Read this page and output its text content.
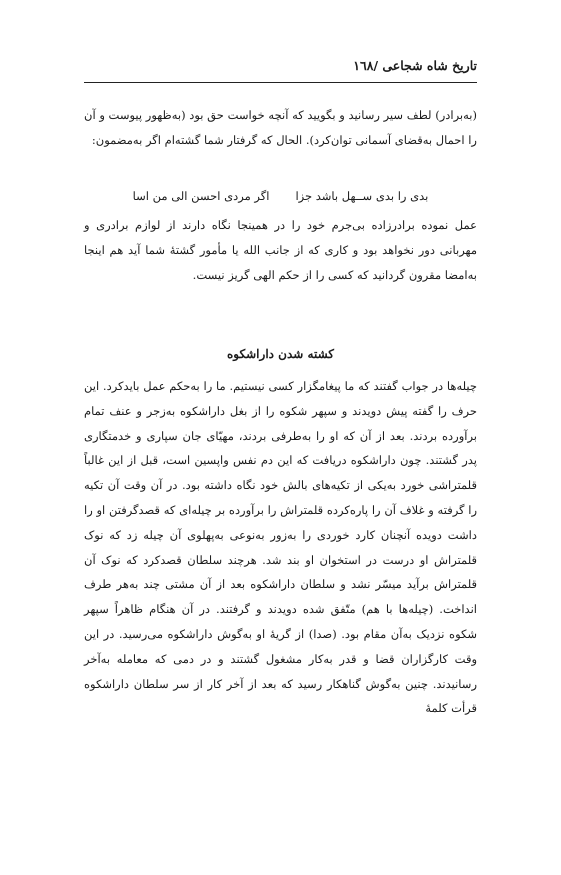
تاریخ شاه شجاعی /١٦٨

(به‌برادر) لطف سیر رسانید و بگویید که آنچه خواست حق بود (به‌ظهور پیوست و آن را احمال به‌قضای آسمانی توان‌کرد). الحال که گرفتار شما گشته‌ام اگر به‌مضمون:

بدی را بدی ســهل باشد جزا
اگر مردی احسن الی من اسا

عمل نموده برادرزاده بی‌جرم خود را در همینجا نگاه دارند از لوازم برادری و مهربانی دور نخواهد بود و کاری که از جانب الله یا مأمور گشتهٔ شما آید هم اینجا به‌امضا مقرون گردانید که کسی را از حکم الهی گریز نیست.

کشته شدن داراشکوه

چیله‌ها در جواب گفتند که ما پیغامگزار کسی نیستیم. ما را به‌حکم عمل بایدکرد. این حرف را گفته پیش دویدند و سپهر شکوه را از بغل داراشکوه به‌زجر و عنف تمام برآورده بردند. بعد از آن که او را به‌طرفی بردند، مهیّای جان سپاری و خدمتگاری پدر گشتند. چون داراشکوه دریافت که این دم نفس واپسین است، قبل از این غالباً قلمتراشی خورد به‌یکی از تکیه‌های بالش خود نگاه داشته بود. در آن وقت آن تکیه را گرفته و غلاف آن را پاره‌کرده قلمتراش را برآورده بر چیله‌ای که قصدگرفتن او را داشت دویده آنچنان کارد خوردی را به‌زور به‌نوعی به‌پهلوی آن چیله زد که نوک قلمتراش او درست در استخوان او بند شد. هرچند سلطان قصدکرد که نوک آن قلمتراش برآید میسّر نشد و سلطان داراشکوه بعد از آن مشتی چند به‌هر طرف انداخت. (چیله‌ها با هم) متّفق شده دویدند و گرفتند. در آن هنگام ظاهراً سپهر شکوه نزدیک به‌آن مقام بود. (صدا) از گریهٔ او به‌گوش داراشکوه می‌رسید. در این وقت کارگزاران قضا و قدر به‌کار مشغول گشتند و در دمی که معامله به‌آخر رسانیدند. چنین به‌گوش گناهکار رسید که بعد از آخر کار از سر سلطان داراشکوه قرأت کلمهٔ
